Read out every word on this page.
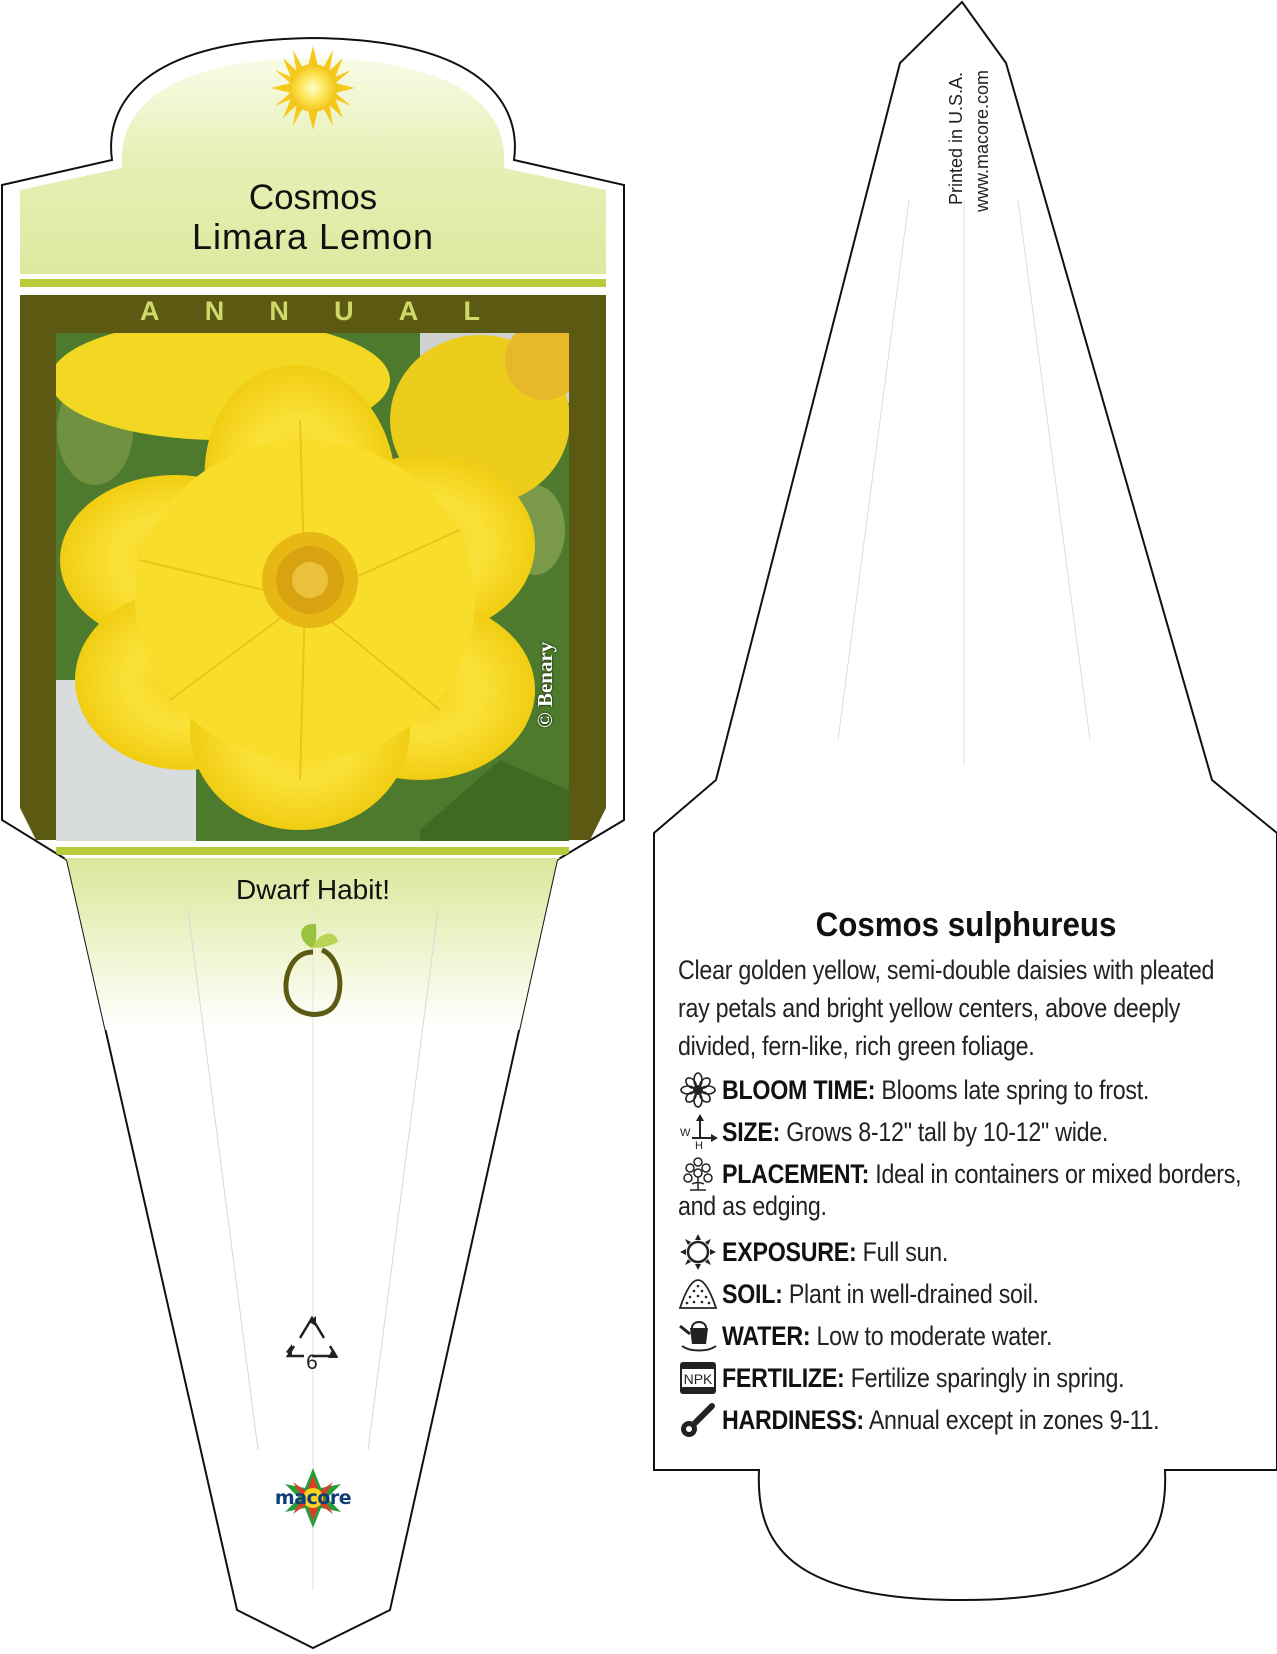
Cosmos
Limara Lemon
A N N U A L
© Benary
Dwarf Habit!
6
macore
Printed in U.S.A. www.macore.com
Cosmos sulphureus
Clear golden yellow, semi-double daisies with pleated
ray petals and bright yellow centers, above deeply
divided, fern-like, rich green foliage.
BLOOM TIME: Blooms late spring to frost.
W
H SIZE: Grows 8-12" tall by 10-12" wide.
PLACEMENT: Ideal in containers or mixed borders,
and as edging.
EXPOSURE: Full sun.
SOIL: Plant in well-drained soil.
WATER: Low to moderate water.
NPK FERTILIZE: Fertilize sparingly in spring.
HARDINESS: Annual except in zones 9-11.
